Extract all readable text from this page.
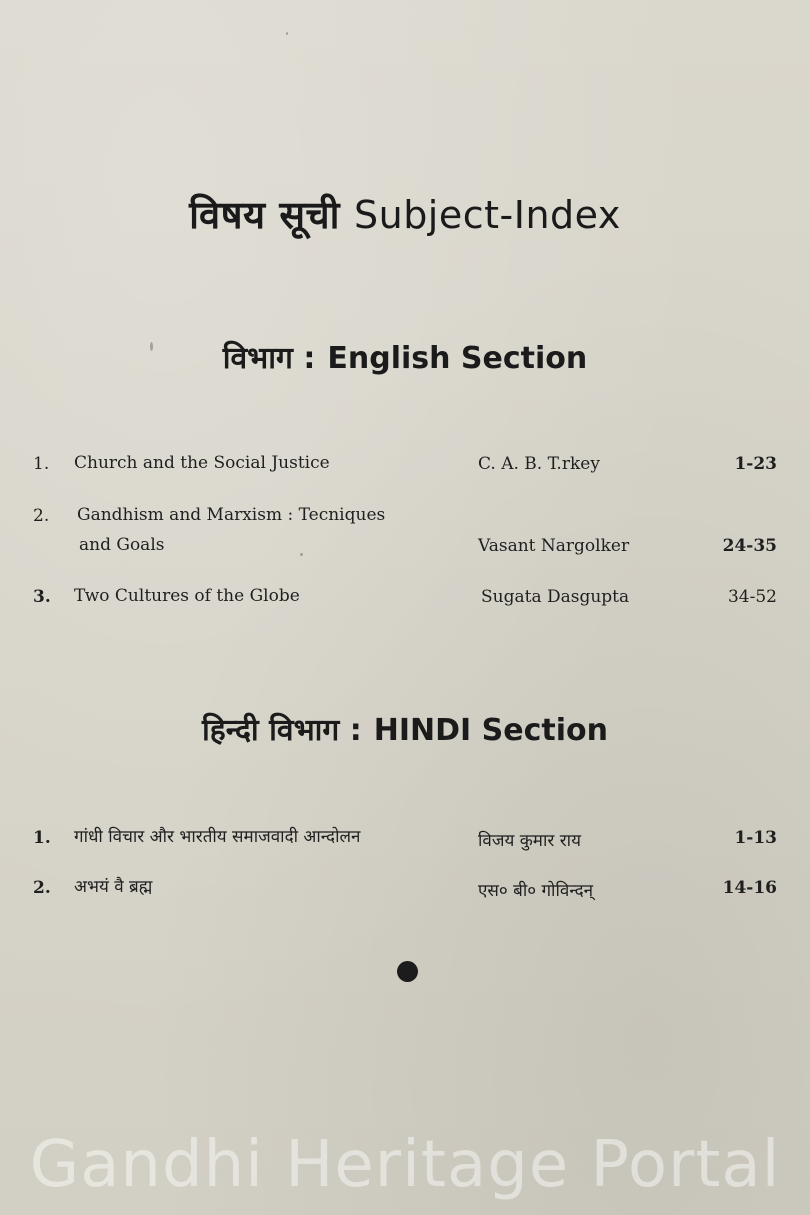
विषय सूची Subject-Index
विभाग : English Section
1. Church and the Social Justice	C. A. B. T.rkey	1-23
2. Gandhism and Marxism : Tecniques
and Goals	Vasant Nargolker	24-35
3. Two Cultures of the Globe	Sugata Dasgupta	34-52
हिन्दी विभाग : HINDI Section
1. गांधी विचार और भारतीय समाजवादी आन्दोलन	विजय कुमार राय	1-13
2. अभयं वै ब्रह्म	एस० बी० गोविन्दन्	14-16
Gandhi Heritage Portal
